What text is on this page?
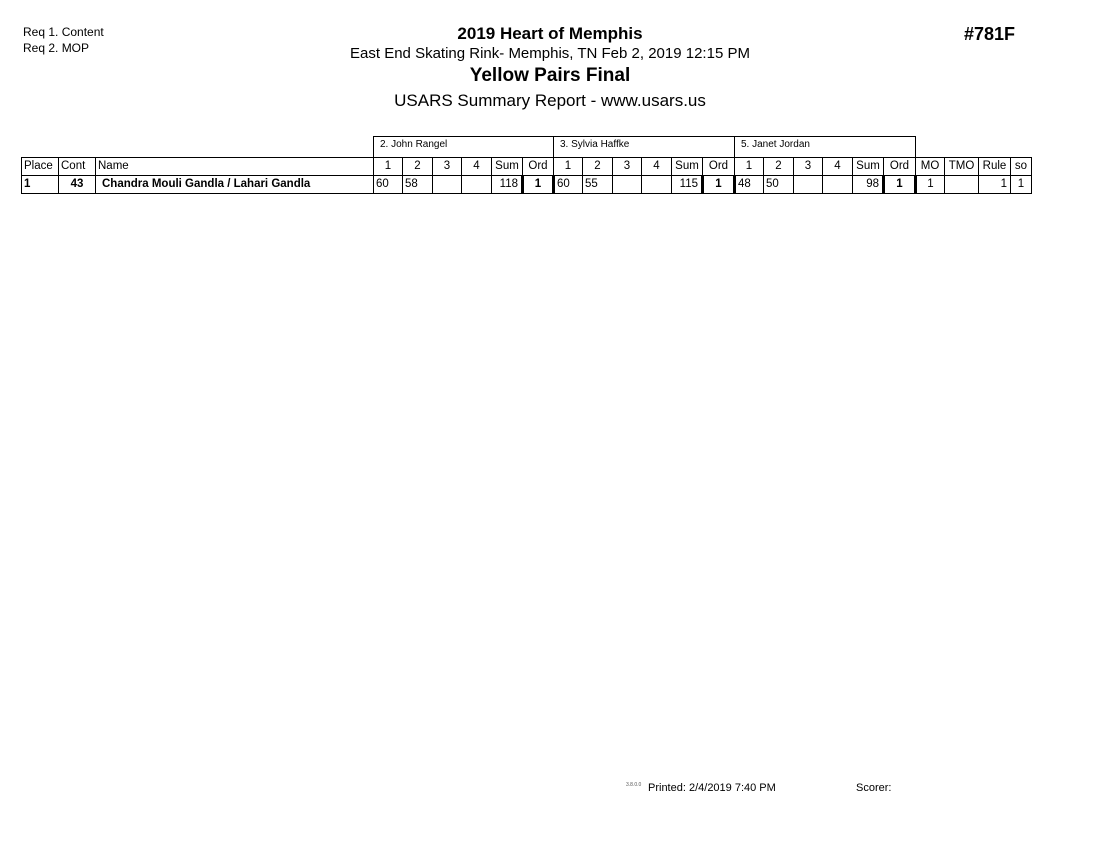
Req 1. Content
Req 2. MOP
2019 Heart of Memphis
East End Skating Rink- Memphis, TN Feb 2, 2019 12:15 PM
Yellow Pairs Final
USARS Summary Report - www.usars.us
#781F
2. John Rangel	3. Sylvia Haffke	5. Janet Jordan
Place	Cont	Name	1	2	3	4	Sum	Ord	1	2	3	4	Sum	Ord	1	2	3	4	Sum	Ord	MO	TMO	Rule	so
1	43	Chandra Mouli Gandla / Lahari Gandla	60	58			118	1	60	55			115	1	48	50			98	1	1		1	1
3.8.0.0 Printed: 2/4/2019 7:40 PM	Scorer:
